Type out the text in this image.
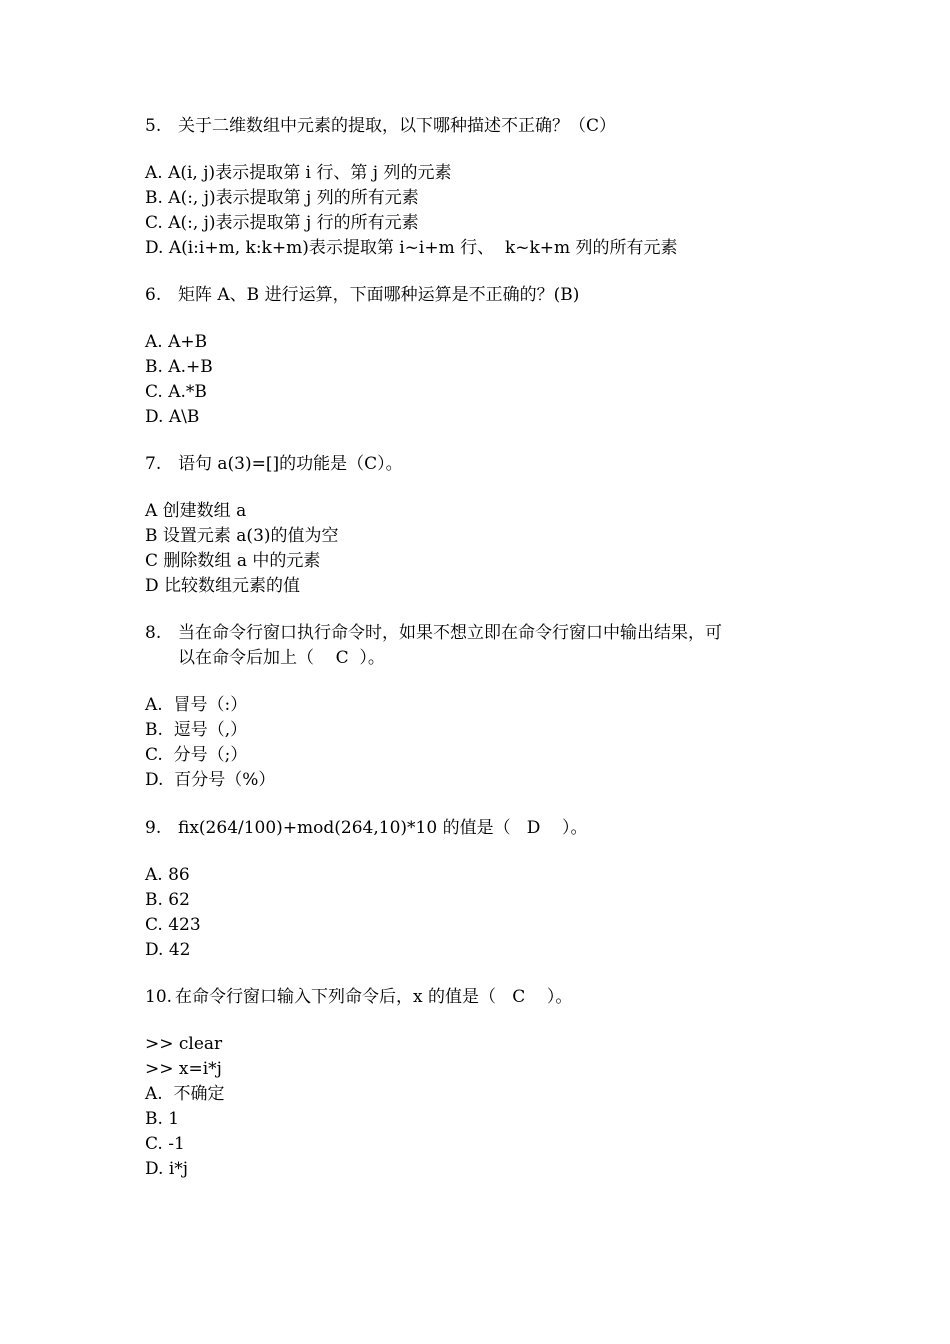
5. 关于二维数组中元素的提取，以下哪种描述不正确？（C）
A. A(i, j)表示提取第 i 行、第 j 列的元素
B. A(:, j)表示提取第 j 列的所有元素
C. A(:, j)表示提取第 j 行的所有元素
D. A(i:i+m, k:k+m)表示提取第 i~i+m 行、  k~k+m 列的所有元素
6. 矩阵 A、B 进行运算，下面哪种运算是不正确的？(B)
A. A+B
B. A.+B
C. A.*B
D. A\B
7. 语句 a(3)=[]的功能是（C）。
A 创建数组 a
B 设置元素 a(3)的值为空
C 删除数组 a 中的元素
D 比较数组元素的值
8. 当在命令行窗口执行命令时，如果不想立即在命令行窗口中输出结果，可
以在命令后加上（    C  ）。
A.  冒号（:）
B.  逗号（,）
C.  分号（;）
D.  百分号（%）
9. fix(264/100)+mod(264,10)*10 的值是（   D    ）。
A. 86
B. 62
C. 423
D. 42
10. 在命令行窗口输入下列命令后，x 的值是（   C    ）。
>> clear
>> x=i*j
A.  不确定
B. 1
C. -1
D. i*j
